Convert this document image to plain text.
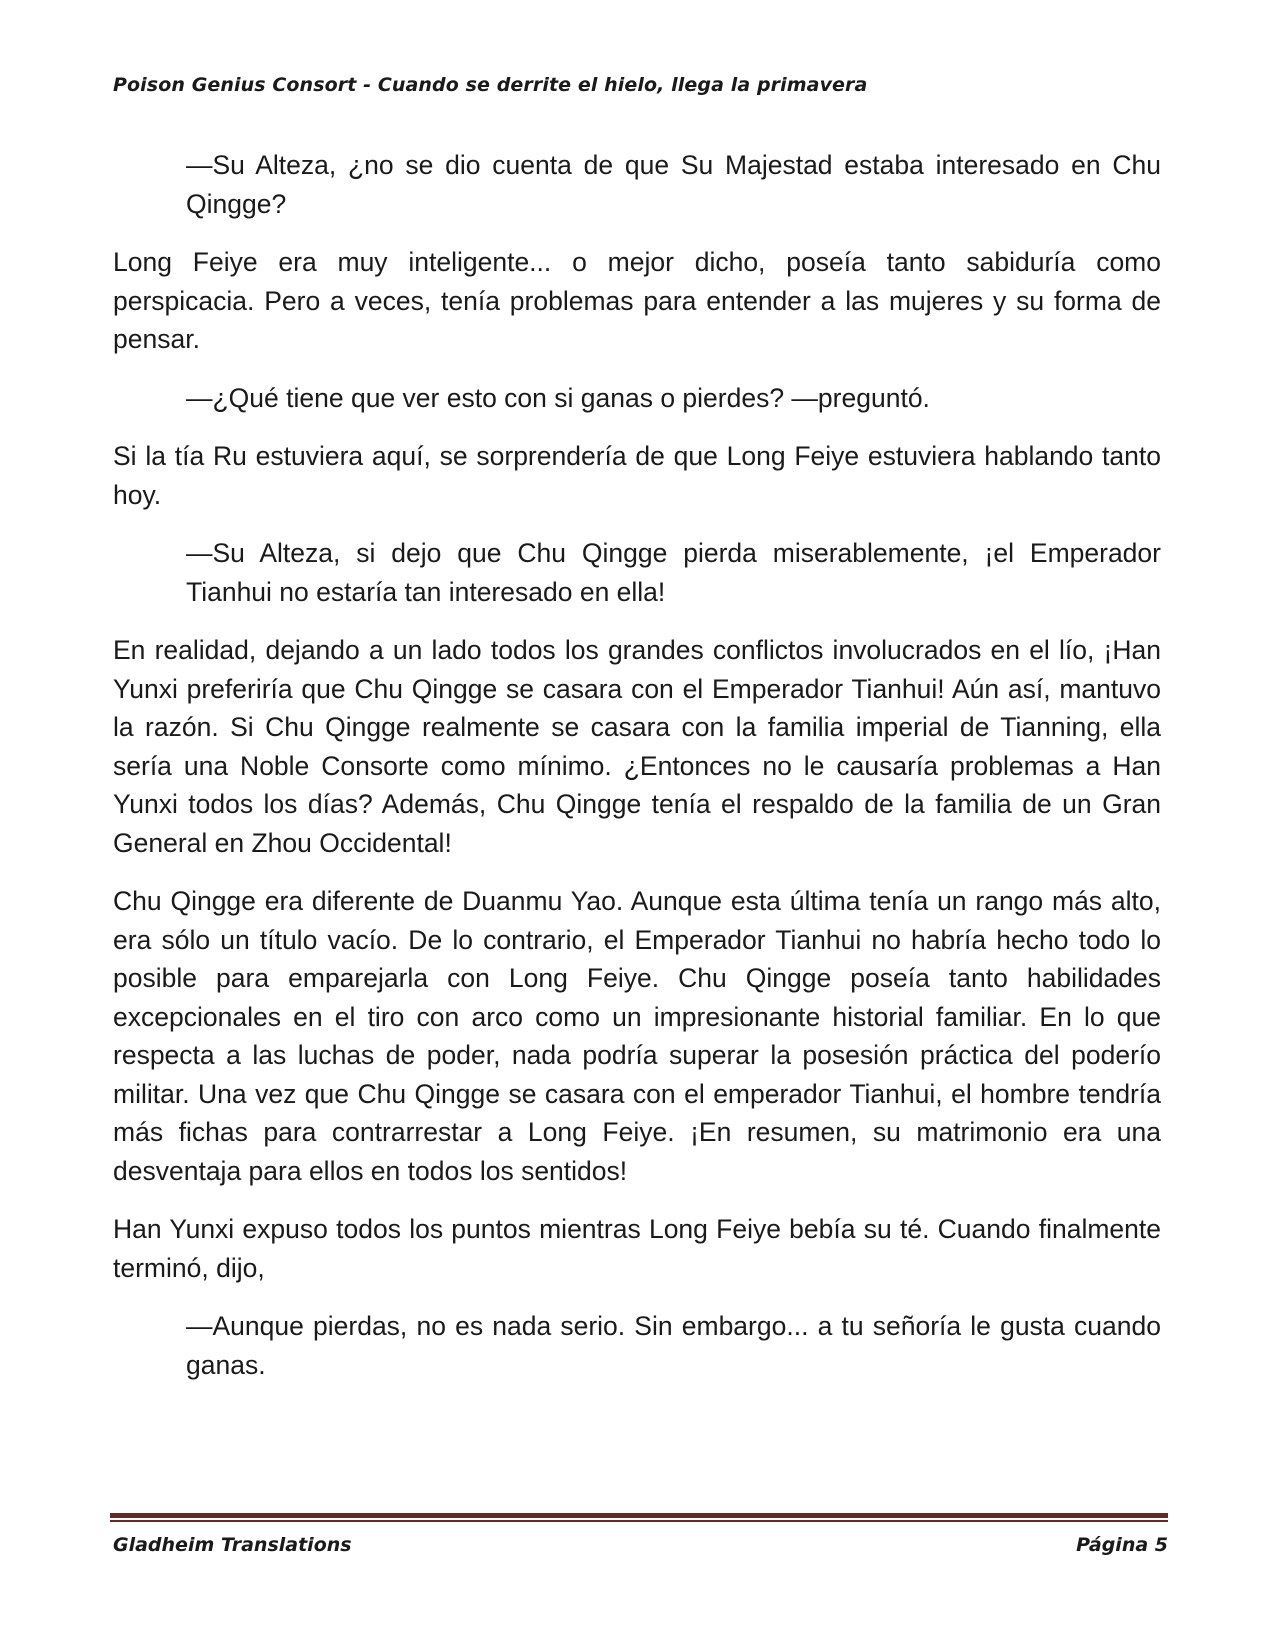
Poison Genius Consort - Cuando se derrite el hielo, llega la primavera

—Su Alteza, ¿no se dio cuenta de que Su Majestad estaba interesado en Chu Qingge?

Long Feiye era muy inteligente... o mejor dicho, poseía tanto sabiduría como perspicacia. Pero a veces, tenía problemas para entender a las mujeres y su forma de pensar.

—¿Qué tiene que ver esto con si ganas o pierdes? —preguntó.

Si la tía Ru estuviera aquí, se sorprendería de que Long Feiye estuviera hablando tanto hoy.

—Su Alteza, si dejo que Chu Qingge pierda miserablemente, ¡el Emperador Tianhui no estaría tan interesado en ella!

En realidad, dejando a un lado todos los grandes conflictos involucrados en el lío, ¡Han Yunxi preferiría que Chu Qingge se casara con el Emperador Tianhui! Aún así, mantuvo la razón. Si Chu Qingge realmente se casara con la familia imperial de Tianning, ella sería una Noble Consorte como mínimo. ¿Entonces no le causaría problemas a Han Yunxi todos los días? Además, Chu Qingge tenía el respaldo de la familia de un Gran General en Zhou Occidental!

Chu Qingge era diferente de Duanmu Yao. Aunque esta última tenía un rango más alto, era sólo un título vacío. De lo contrario, el Emperador Tianhui no habría hecho todo lo posible para emparejarla con Long Feiye. Chu Qingge poseía tanto habilidades excepcionales en el tiro con arco como un impresionante historial familiar. En lo que respecta a las luchas de poder, nada podría superar la posesión práctica del poderío militar. Una vez que Chu Qingge se casara con el emperador Tianhui, el hombre tendría más fichas para contrarrestar a Long Feiye. ¡En resumen, su matrimonio era una desventaja para ellos en todos los sentidos!

Han Yunxi expuso todos los puntos mientras Long Feiye bebía su té. Cuando finalmente terminó, dijo,

—Aunque pierdas, no es nada serio. Sin embargo... a tu señoría le gusta cuando ganas.

Gladheim Translations	Página 5
